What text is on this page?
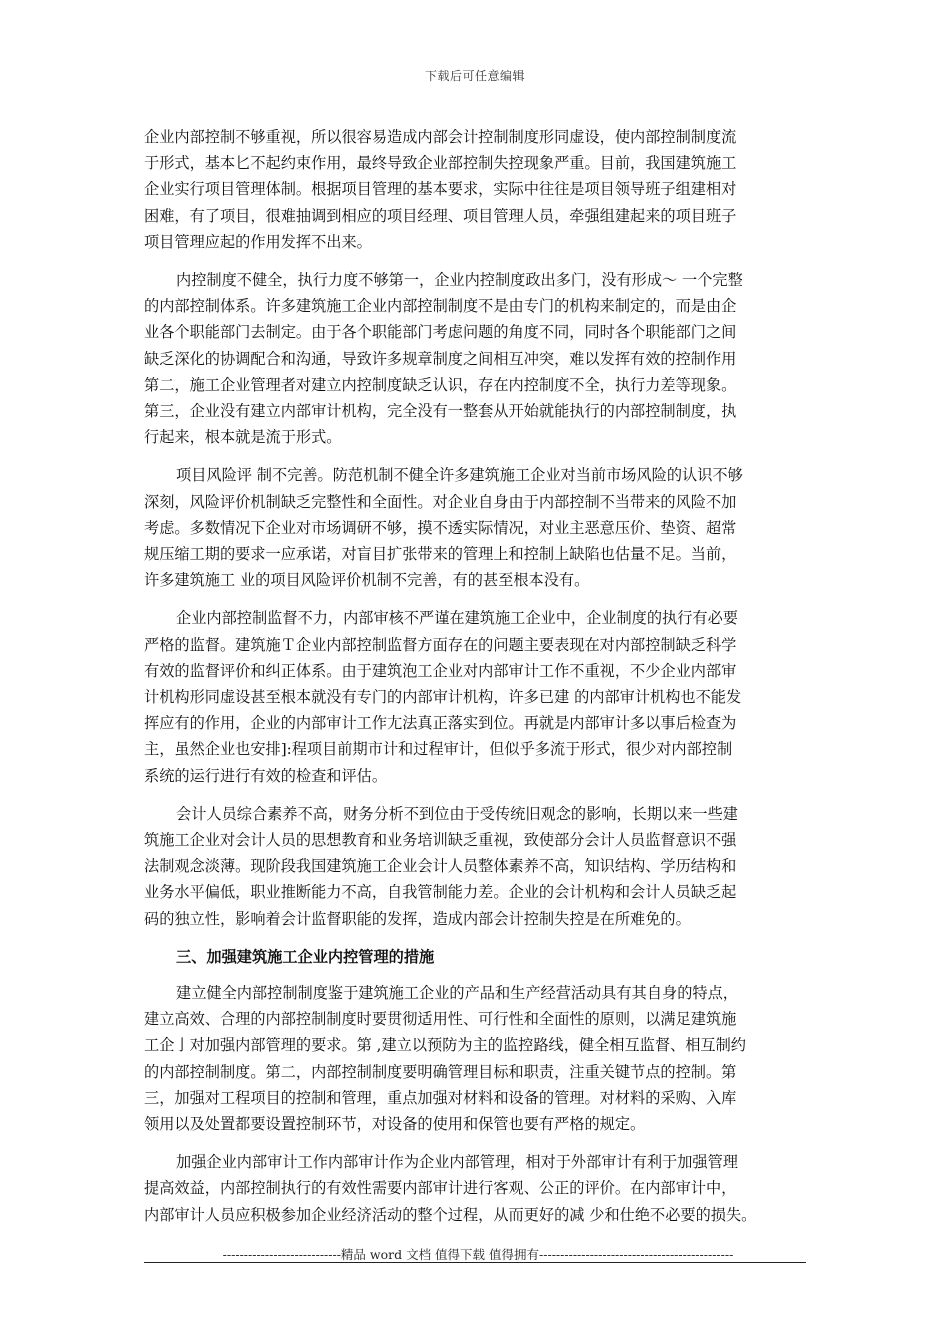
下载后可任意编辑
企业内部控制不够重视，所以很容易造成内部会计控制制度形同虚设，使内部控制制度流
于形式，基本匕不起约束作用，最终导致企业部控制失控现象严重。目前，我国建筑施工
企业实行项目管理体制。根据项目管理的基本要求，实际中往往是项目领导班子组建相对
困难，有了项目，很难抽调到相应的项目经理、项目管理人员，牵强组建起来的项目班子
项目管理应起的作用发挥不出来。
内控制度不健全，执行力度不够第一，企业内控制度政出多门，没有形成～ 一个完整
的内部控制体系。许多建筑施工企业内部控制制度不是由专门的机构来制定的，而是由企
业各个职能部门去制定。由于各个职能部门考虑问题的角度不同，同时各个职能部门之间
缺乏深化的协调配合和沟通，导致许多规章制度之间相互冲突，难以发挥有效的控制作用
第二，施工企业管理者对建立内控制度缺乏认识，存在内控制度不全，执行力差等现象。
第三，企业没有建立内部审计机构，完全没有一整套从开始就能执行的内部控制制度，执
行起来，根本就是流于形式。
项目风险评 制不完善。防范机制不健全许多建筑施工企业对当前市场风险的认识不够
深刻，风险评价机制缺乏完整性和全面性。对企业自身由于内部控制不当带来的风险不加
考虑。多数情况下企业对市场调研不够，摸不透实际情况，对业主恶意压价、垫资、超常
规压缩工期的要求一应承诺，对盲目扩张带来的管理上和控制上缺陷也估量不足。当前，
许多建筑施工 业的项目风险评价机制不完善，有的甚至根本没有。
企业内部控制监督不力，内部审核不严谨在建筑施工企业中，企业制度的执行有必要
严格的监督。建筑施Ｔ企业内部控制监督方面存在的问题主要表现在对内部控制缺乏科学
有效的监督评价和纠正体系。由于建筑泡工企业对内部审计工作不重视，不少企业内部审
计机构形同虚设甚至根本就没有专门的内部审计机构，许多已建 的内部审计机构也不能发
挥应有的作用，企业的内部审计工作尢法真正落实到位。再就是内部审计多以事后检查为
主，虽然企业也安排]:程项目前期市计和过程审计，但似乎多流于形式，很少对内部控制
系统的运行进行有效的检查和评估。
会计人员综合素养不高，财务分析不到位由于受传统旧观念的影响，长期以来一些建
筑施工企业对会计人员的思想教育和业务培训缺乏重视，致使部分会计人员监督意识不强
法制观念淡薄。现阶段我国建筑施工企业会计人员整体素养不高，知识结构、学历结构和
业务水平偏低，职业推断能力不高，自我管制能力差。企业的会计机构和会计人员缺乏起
码的独立性，影响着会计监督职能的发挥，造成内部会计控制失控是在所难免的。
三、加强建筑施工企业内控管理的措施
建立健全内部控制制度鉴于建筑施工企业的产品和生产经营活动具有其自身的特点，
建立高效、合理的内部控制制度时要贯彻适用性、可行性和全面性的原则，以满足建筑施
工企亅对加强内部管理的要求。第 ,建立以预防为主的监控路线，健全相互监督、相互制约
的内部控制制度。第二，内部控制制度要明确管理目标和职责，注重关键节点的控制。第
三，加强对工程项目的控制和管理，重点加强对材料和设备的管理。对材料的采购、入库
领用以及处置都要设置控制环节，对设备的使用和保管也要有严格的规定。
加强企业内部审计工作内部审计作为企业内部管理，相对于外部审计有利于加强管理
提高效益，内部控制执行的有效性需要内部审计进行客观、公正的评价。在内部审计中，
内部审计人员应积极参加企业经济活动的整个过程，从而更好的减 少和仕绝不必要的损失。
----------------------------精品 word 文档 值得下载 值得拥有----------------------------------------------
